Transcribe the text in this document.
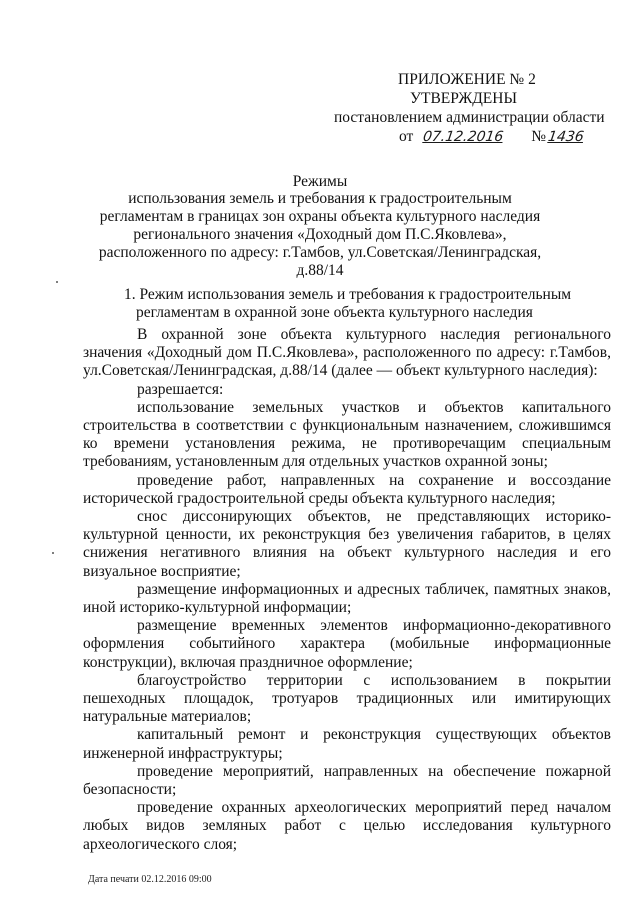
ПРИЛОЖЕНИЕ № 2
УТВЕРЖДЕНЫ
постановлением администрации области
от 07.12.2016 №1436
Режимы
использования земель и требования к градостроительным регламентам в границах зон охраны объекта культурного наследия регионального значения «Доходный дом П.С.Яковлева», расположенного по адресу: г.Тамбов, ул.Советская/Ленинградская, д.88/14
1. Режим использования земель и требования к градостроительным
регламентам в охранной зоне объекта культурного наследия

В охранной зоне объекта культурного наследия регионального значения «Доходный дом П.С.Яковлева», расположенного по адресу: г.Тамбов, ул.Советская/Ленинградская, д.88/14 (далее — объект культурного наследия):

разрешается:

использование земельных участков и объектов капитального строительства в соответствии с функциональным назначением, сложившимся ко времени установления режима, не противоречащим специальным требованиям, установленным для отдельных участков охранной зоны;

проведение работ, направленных на сохранение и воссоздание исторической градостроительной среды объекта культурного наследия;

снос диссонирующих объектов, не представляющих историко-культурной ценности, их реконструкция без увеличения габаритов, в целях снижения негативного влияния на объект культурного наследия и его визуальное восприятие;

размещение информационных и адресных табличек, памятных знаков, иной историко-культурной информации;

размещение временных элементов информационно-декоративного оформления событийного характера (мобильные информационные конструкции), включая праздничное оформление;

благоустройство территории с использованием в покрытии пешеходных площадок, тротуаров традиционных или имитирующих натуральные материалов;

капитальный ремонт и реконструкция существующих объектов инженерной инфраструктуры;

проведение мероприятий, направленных на обеспечение пожарной безопасности;

проведение охранных археологических мероприятий перед началом любых видов земляных работ с целью исследования культурного археологического слоя;

Дата печати 02.12.2016 09:00
